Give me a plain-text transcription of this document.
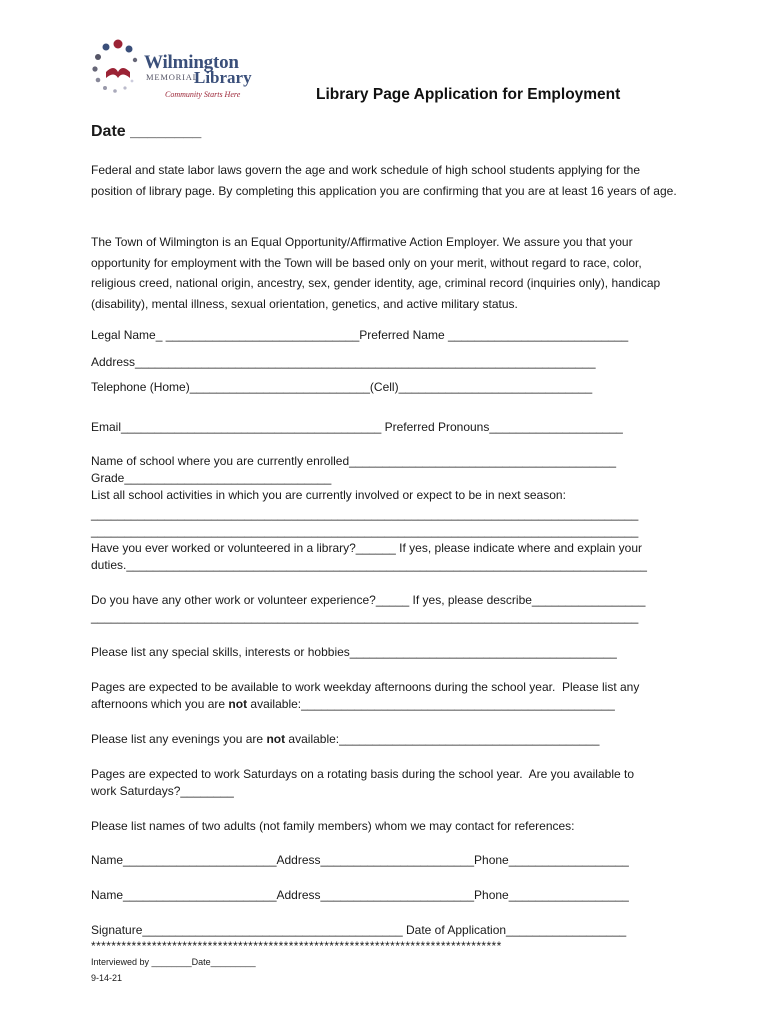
Wilmington
MEMORIAL
Library
Community Starts Here	Library Page Application for Employment
Date ________
Federal and state labor laws govern the age and work schedule of high school students applying for the position of library page. By completing this application you are confirming that you are at least 16 years of age.
The Town of Wilmington is an Equal Opportunity/Affirmative Action Employer. We assure you that your opportunity for employment with the Town will be based only on your merit, without regard to race, color, religious creed, national origin, ancestry, sex, gender identity, age, criminal record (inquiries only), handicap (disability), mental illness, sexual orientation, genetics, and active military status.
Legal Name_ _____________________________Preferred Name ___________________________
Address_____________________________________________________________________
Telephone (Home)___________________________(Cell)_____________________________
Email_______________________________________ Preferred Pronouns____________________
Name of school where you are currently enrolled________________________________________
Grade_______________________________
List all school activities in which you are currently involved or expect to be in next season:
__________________________________________________________________________________
__________________________________________________________________________________
Have you ever worked or volunteered in a library?______ If yes, please indicate where and explain your
duties.______________________________________________________________________________
Do you have any other work or volunteer experience?_____ If yes, please describe_________________
__________________________________________________________________________________
Please list any special skills, interests or hobbies________________________________________
Pages are expected to be available to work weekday afternoons during the school year.  Please list any
afternoons which you are not available:_______________________________________________
Please list any evenings you are not available:_______________________________________
Pages are expected to work Saturdays on a rotating basis during the school year.  Are you available to
work Saturdays?________
Please list names of two adults (not family members) whom we may contact for references:
Name_______________________Address_______________________Phone__________________
Name_______________________Address_______________________Phone__________________
Signature_______________________________________ Date of Application__________________
*********************************************************************************
Interviewed by ________Date_________
9-14-21
